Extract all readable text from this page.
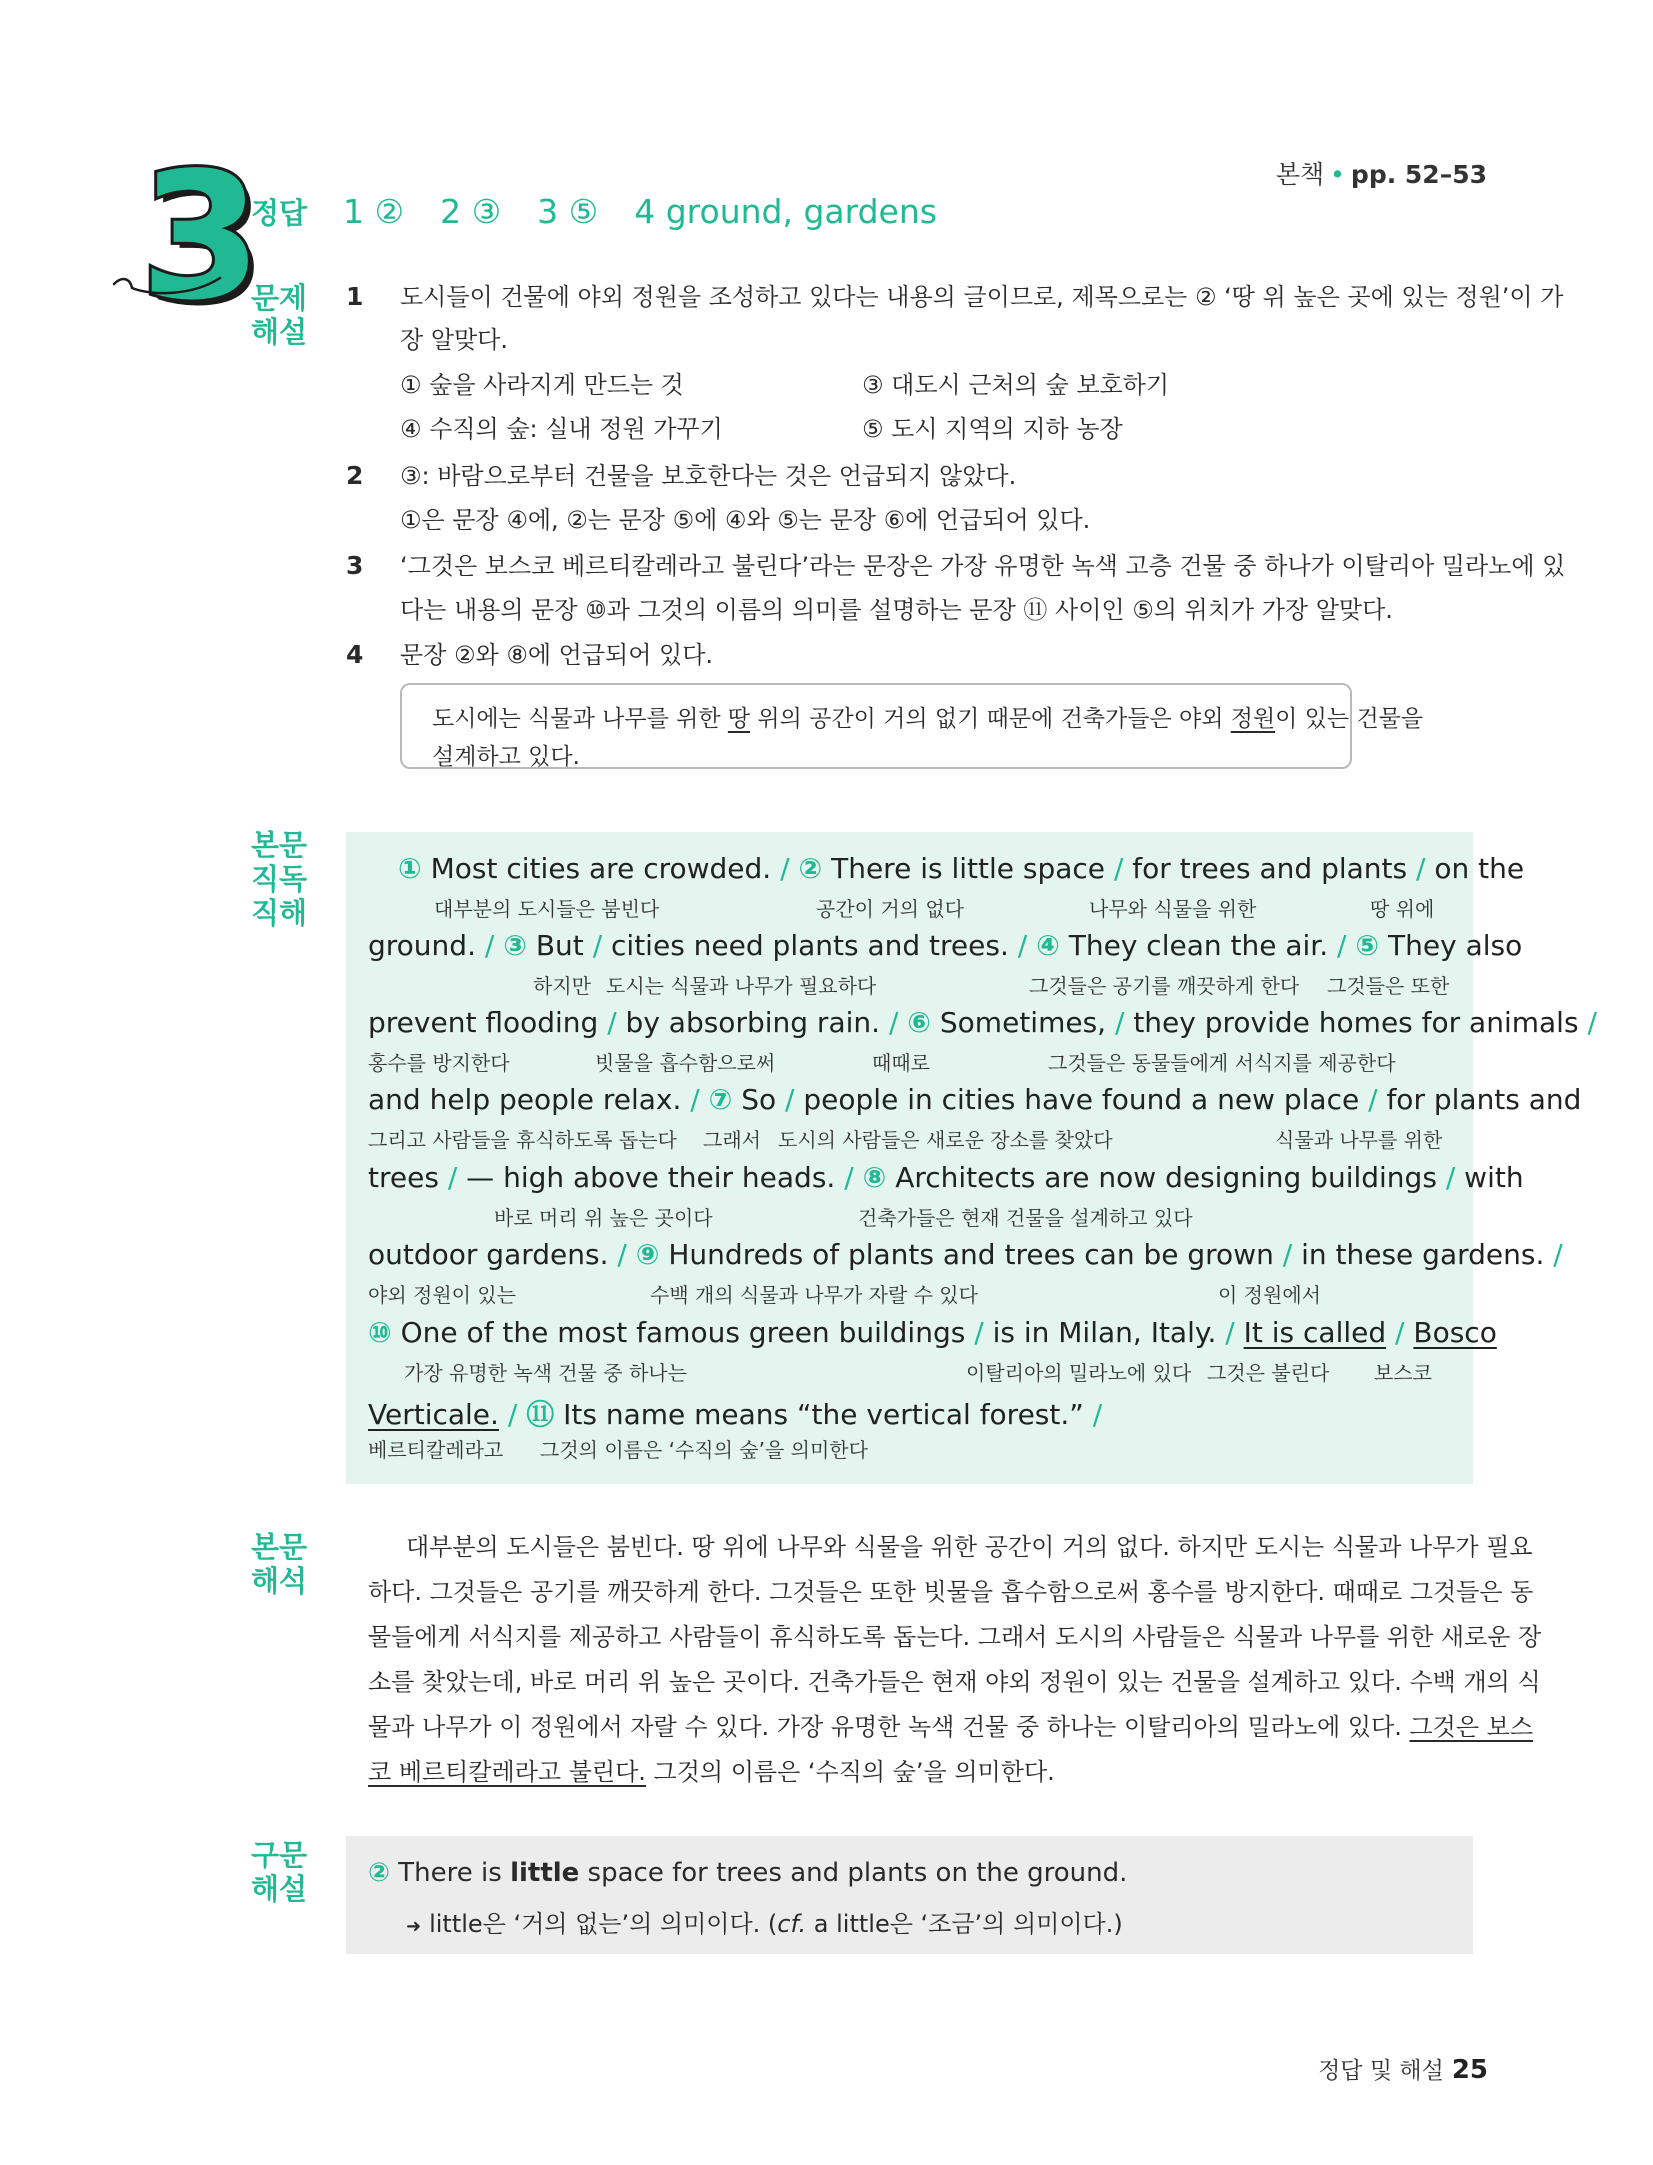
본책 • pp. 52–53
3
정답 1 ② 2 ③ 3 ⑤ 4 ground, gardens
문제
해설
1 도시들이 건물에 야외 정원을 조성하고 있다는 내용의 글이므로, 제목으로는 ② ‘땅 위 높은 곳에 있는 정원’이 가
장 알맞다.
① 숲을 사라지게 만드는 것	③ 대도시 근처의 숲 보호하기
④ 수직의 숲: 실내 정원 가꾸기	⑤ 도시 지역의 지하 농장
2 ③: 바람으로부터 건물을 보호한다는 것은 언급되지 않았다.
①은 문장 ④에, ②는 문장 ⑤에 ④와 ⑤는 문장 ⑥에 언급되어 있다.
3 ‘그것은 보스코 베르티칼레라고 불린다’라는 문장은 가장 유명한 녹색 고층 건물 중 하나가 이탈리아 밀라노에 있
다는 내용의 문장 ⑩과 그것의 이름의 의미를 설명하는 문장 ⑪ 사이인 ⑤의 위치가 가장 알맞다.
4 문장 ②와 ⑧에 언급되어 있다.
도시에는 식물과 나무를 위한 땅 위의 공간이 거의 없기 때문에 건축가들은 야외 정원이 있는 건물을
설계하고 있다.
본문
직독
직해
① Most cities are crowded. / ② There is little space / for trees and plants / on the
대부분의 도시들은 붐빈다	공간이 거의 없다	나무와 식물을 위한	땅 위에
ground. / ③ But / cities need plants and trees. / ④ They clean the air. / ⑤ They also
하지만 도시는 식물과 나무가 필요하다	그것들은 공기를 깨끗하게 한다 그것들은 또한
prevent flooding / by absorbing rain. / ⑥ Sometimes, / they provide homes for animals /
홍수를 방지한다	빗물을 흡수함으로써	때때로	그것들은 동물들에게 서식지를 제공한다
and help people relax. / ⑦ So / people in cities have found a new place / for plants and
그리고 사람들을 휴식하도록 돕는다 그래서 도시의 사람들은 새로운 장소를 찾았다	식물과 나무를 위한
trees / — high above their heads. / ⑧ Architects are now designing buildings / with
바로 머리 위 높은 곳이다	건축가들은 현재 건물을 설계하고 있다
outdoor gardens. / ⑨ Hundreds of plants and trees can be grown / in these gardens. /
야외 정원이 있는	수백 개의 식물과 나무가 자랄 수 있다	이 정원에서
⑩ One of the most famous green buildings / is in Milan, Italy. / It is called / Bosco
가장 유명한 녹색 건물 중 하나는	이탈리아의 밀라노에 있다 그것은 불린다 보스코
Verticale. / ⑪ Its name means “the vertical forest.” /
베르티칼레라고 그것의 이름은 ‘수직의 숲’을 의미한다
본문
해석
대부분의 도시들은 붐빈다. 땅 위에 나무와 식물을 위한 공간이 거의 없다. 하지만 도시는 식물과 나무가 필요
하다. 그것들은 공기를 깨끗하게 한다. 그것들은 또한 빗물을 흡수함으로써 홍수를 방지한다. 때때로 그것들은 동
물들에게 서식지를 제공하고 사람들이 휴식하도록 돕는다. 그래서 도시의 사람들은 식물과 나무를 위한 새로운 장
소를 찾았는데, 바로 머리 위 높은 곳이다. 건축가들은 현재 야외 정원이 있는 건물을 설계하고 있다. 수백 개의 식
물과 나무가 이 정원에서 자랄 수 있다. 가장 유명한 녹색 건물 중 하나는 이탈리아의 밀라노에 있다. 그것은 보스
코 베르티칼레라고 불린다. 그것의 이름은 ‘수직의 숲’을 의미한다.
구문
해설 ② There is little space for trees and plants on the ground.
➜ little은 ‘거의 없는’의 의미이다. (cf. a little은 ‘조금’의 의미이다.)
정답 및 해설 25
